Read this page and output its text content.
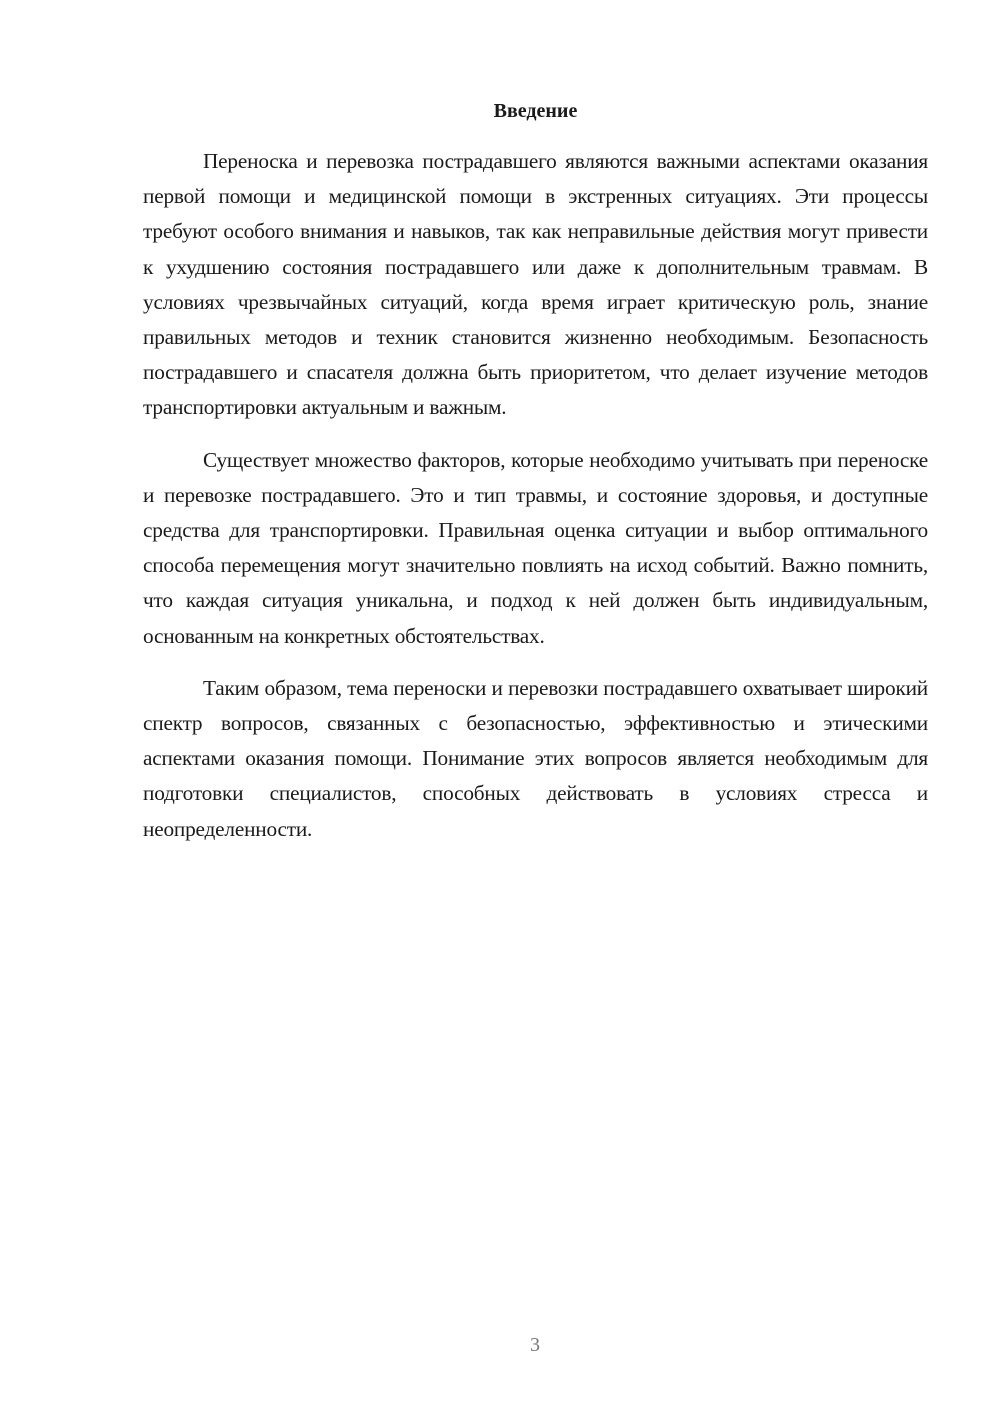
Введение

Переноска и перевозка пострадавшего являются важными аспектами оказания первой помощи и медицинской помощи в экстренных ситуациях. Эти процессы требуют особого внимания и навыков, так как неправильные действия могут привести к ухудшению состояния пострадавшего или даже к дополнительным травмам. В условиях чрезвычайных ситуаций, когда время играет критическую роль, знание правильных методов и техник становится жизненно необходимым. Безопасность пострадавшего и спасателя должна быть приоритетом, что делает изучение методов транспортировки актуальным и важным.

Существует множество факторов, которые необходимо учитывать при переноске и перевозке пострадавшего. Это и тип травмы, и состояние здоровья, и доступные средства для транспортировки. Правильная оценка ситуации и выбор оптимального способа перемещения могут значительно повлиять на исход событий. Важно помнить, что каждая ситуация уникальна, и подход к ней должен быть индивидуальным, основанным на конкретных обстоятельствах.

Таким образом, тема переноски и перевозки пострадавшего охватывает широкий спектр вопросов, связанных с безопасностью, эффективностью и этическими аспектами оказания помощи. Понимание этих вопросов является необходимым для подготовки специалистов, способных действовать в условиях стресса и неопределенности.

3
